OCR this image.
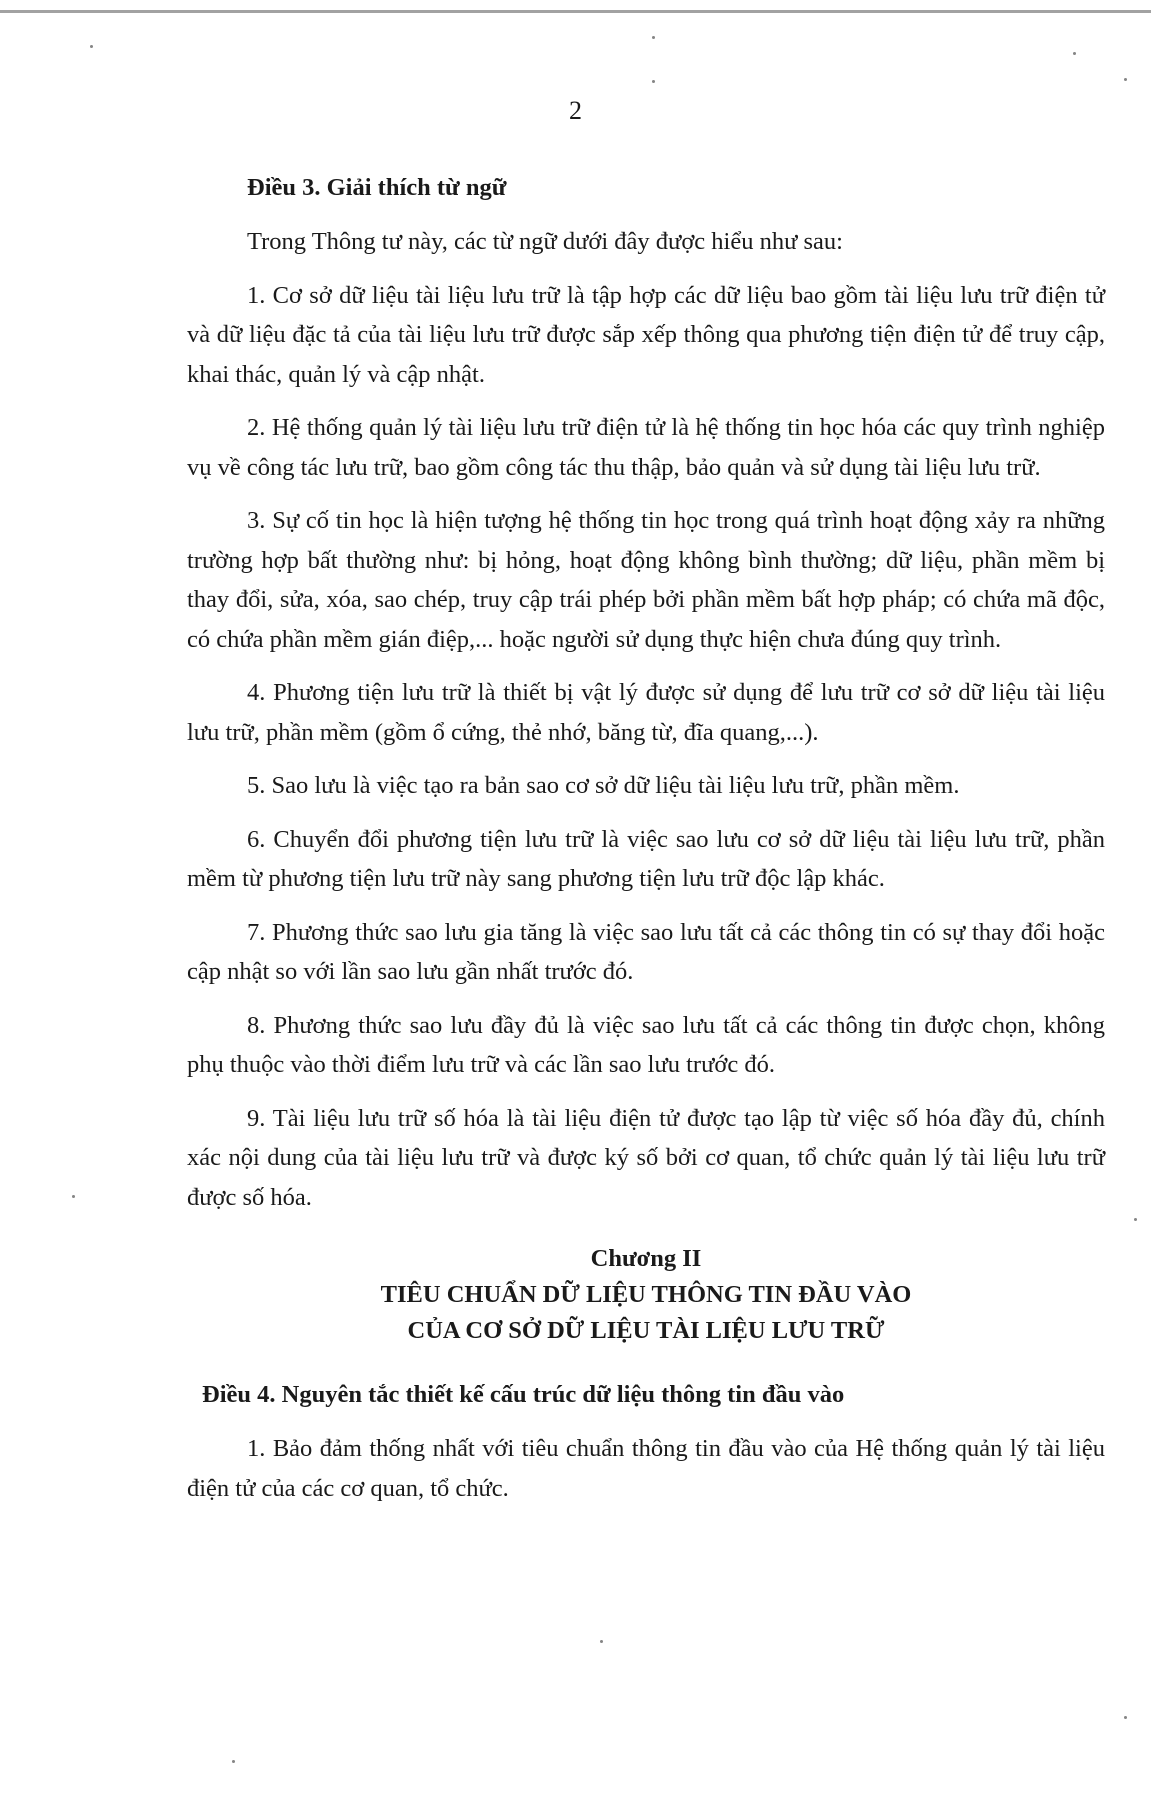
2
Điều 3. Giải thích từ ngữ

Trong Thông tư này, các từ ngữ dưới đây được hiểu như sau:

1. Cơ sở dữ liệu tài liệu lưu trữ là tập hợp các dữ liệu bao gồm tài liệu lưu trữ điện tử và dữ liệu đặc tả của tài liệu lưu trữ được sắp xếp thông qua phương tiện điện tử để truy cập, khai thác, quản lý và cập nhật.

2. Hệ thống quản lý tài liệu lưu trữ điện tử là hệ thống tin học hóa các quy trình nghiệp vụ về công tác lưu trữ, bao gồm công tác thu thập, bảo quản và sử dụng tài liệu lưu trữ.

3. Sự cố tin học là hiện tượng hệ thống tin học trong quá trình hoạt động xảy ra những trường hợp bất thường như: bị hỏng, hoạt động không bình thường; dữ liệu, phần mềm bị thay đổi, sửa, xóa, sao chép, truy cập trái phép bởi phần mềm bất hợp pháp; có chứa mã độc, có chứa phần mềm gián điệp,... hoặc người sử dụng thực hiện chưa đúng quy trình.

4. Phương tiện lưu trữ là thiết bị vật lý được sử dụng để lưu trữ cơ sở dữ liệu tài liệu lưu trữ, phần mềm (gồm ổ cứng, thẻ nhớ, băng từ, đĩa quang,...).

5. Sao lưu là việc tạo ra bản sao cơ sở dữ liệu tài liệu lưu trữ, phần mềm.

6. Chuyển đổi phương tiện lưu trữ là việc sao lưu cơ sở dữ liệu tài liệu lưu trữ, phần mềm từ phương tiện lưu trữ này sang phương tiện lưu trữ độc lập khác.

7. Phương thức sao lưu gia tăng là việc sao lưu tất cả các thông tin có sự thay đổi hoặc cập nhật so với lần sao lưu gần nhất trước đó.

8. Phương thức sao lưu đầy đủ là việc sao lưu tất cả các thông tin được chọn, không phụ thuộc vào thời điểm lưu trữ và các lần sao lưu trước đó.

9. Tài liệu lưu trữ số hóa là tài liệu điện tử được tạo lập từ việc số hóa đầy đủ, chính xác nội dung của tài liệu lưu trữ và được ký số bởi cơ quan, tổ chức quản lý tài liệu lưu trữ được số hóa.

Chương II
TIÊU CHUẨN DỮ LIỆU THÔNG TIN ĐẦU VÀO
CỦA CƠ SỞ DỮ LIỆU TÀI LIỆU LƯU TRỮ
Điều 4. Nguyên tắc thiết kế cấu trúc dữ liệu thông tin đầu vào

1. Bảo đảm thống nhất với tiêu chuẩn thông tin đầu vào của Hệ thống quản lý tài liệu điện tử của các cơ quan, tổ chức.
